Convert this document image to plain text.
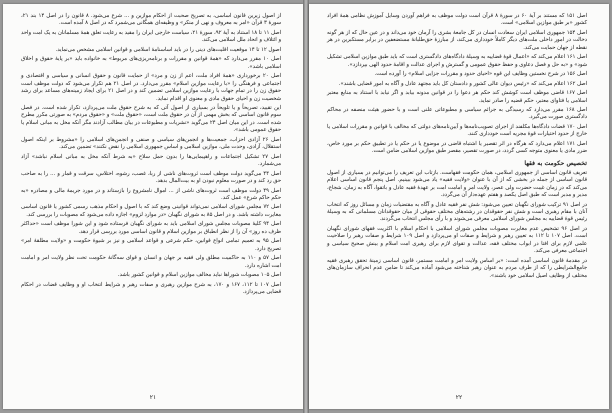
از اصول زیرین قانون اساسی، به تصریح صحبت از احکام موازین و ... شرع می‌شود. ۸ قانون را در اصل ۱۴ بند ۲۱، سورهٔ ۳ قرآن «امر به معروف و نهی از منکر» و وظیفه‌ای همگانی می‌شمرد که در اصل ۸ آمده است.

اصل ۱۱ تا ۱۸ استناد به آیهٔ ۹۲، سورهٔ ۲۱، سیاست خارجی ایران را مقید به رعایت تعلق همهٔ مسلمانان به یک امت واحد و ائتلاف و اتحاد ملل اسلامی می‌کند.

اصول ۱۲ تا ۱۴ موقعیت اقلیت‌های دینی را در باید اساسنامهٔ اسلامی و قوانین اسلامی مشخص می‌نماید.

اصل ۱۰ مقرر می‌دارد که «همهٔ قوانین و مقررات و برنامه‌ریزی‌های مربوط» به خانواده باید «بر پایهٔ حقوق و اخلاق اسلامی باشد».

اصل ۲۰ برخورداری «همهٔ افراد ملت، اعم از زن و مرد» از حمایت قانون و حقوق انسانی و سیاسی و اقتصادی و اجتماعی و فرهنگی را «با رعایت موازین اسلام» مقرر می‌دارد. در اصل ۲۱ هم تکرار می‌شود که دولت موظف است حقوق زن را در تمام جهات با رعایت موازین اسلامی تضمین کند و در اصل ۲۱ برای ایجاد زمینه‌های مساعد برای رشد شخصیت زن و احیای حقوق مادی و معنوی او اقدام نماید.

این تقیید، تصریحاً و یا تلویحاً در بسیاری از اصول آتی که به شرح حقوق ملت می‌پردازد، تکرار شده است. در فصل سوم قانون اساسی که بخش مهمی از آن در حقوق ملت است، «حقوق ملت» و «حقوق مردم» به صورتی مکرر مطرح شده است. در این میان اصل ۲۴ می‌گوید «نشریات و مطبوعات در بیان مطالب آزادند مگر آنکه مخل به مبانی اسلام یا حقوق عمومی باشد».

اصل ۲۶ آزادی احزاب، جمعیت‌ها و انجمن‌های سیاسی و صنفی و انجمن‌های اسلامی را «مشروط بر اینکه اصول استقلال، آزادی، وحدت ملی، موازین اسلامی و اساس جمهوری اسلامی را نقض نکنند» تضمین می‌کند.

اصل ۲۷ تشکیل اجتماعات و راهپیمایی‌ها را بدون حمل سلاح «به شرط آنکه مخل به مبانی اسلام نباشد» آزاد می‌شمارد.

اصل ۴۴ می‌گوید دولت موظف است ثروت‌های ناشی از ربا، غصب، رشوه، اختلاس، سرقت و قمار و ... را به صاحب حق رد کند و در صورت معلوم نبودن او به بیت‌المال بدهد.

اصل ۴۹ دولت موظف است ثروت‌های ناشی از ... اموال نامشروع را بازستاند و در مورد جریمهٔ مالی و مصادره «به حکم حاکم شرع» عمل کند.

اصل ۷۲ مجلس شورای اسلامی نمی‌تواند قوانینی وضع کند که با اصول و احکام مذهب رسمی کشور یا قانون اساسی مغایرت داشته باشد. و در اصل ۸۵ به شورای نگهبان «در موارد لزوم» اجازه داده می‌شود که مصوبات را بررسی کند.

اصل ۹۴ کلیهٔ مصوبات مجلس شورای اسلامی باید به شورای نگهبان فرستاده شود و این شورا موظف است «حداکثر ظرف ده روز» آن را از نظر انطباق بر موازین اسلام و قانون اساسی مورد بررسی قرار دهد.

اصل ۹۵ به تعمیم تمامی انواع قوانین، حکم شرعی و قواعد اسلامی و نیز بر شیوهٔ حکومت و «ولایت مطلقهٔ امر» تصریح دارد.

اصل ۵۷ و ۱۱۰ به حاکمیت مطلق ولی فقیه بر جهان و انسان و قوای سه‌گانهٔ حکومت تحت نظر ولایت امر و امامت امت اشاره دارد.

اصل ۱۰۵ مصوبات شوراها نباید مخالف موازین اسلام و قوانین کشور باشد.

اصل ۱۰۷ تا ۱۱۲، ۱۶۷ و ۱۷۰، به شرح موازین رهبری و صفات رهبر و شرایط انتخاب او و وظایف قضات در احکام قضایی می‌پردازد.

۲۱

اصل ۱۵۱ که مستند بر آیهٔ ۶۰ در سورهٔ ۸ قرآن است دولت موظف به فراهم آوردن وسایل آموزش نظامی همهٔ افراد کشور «بر طبق موازین اسلامی» است.

اصل ۱۵۴ جمهوری اسلامی ایران سعادت انسان در کل جامعهٔ بشری را آرمان خود می‌داند و در عین حال که از هر گونه دخالت در امور داخلی ملت‌های دیگر کاملاً خودداری می‌کند، از مبارزهٔ حق‌طلبانهٔ مستضعفین در برابر مستکبرین در هر نقطه از جهان حمایت می‌کند.

اصل ۱۶۱ اعلام می‌کند که «اعمال قوهٔ قضاییه به وسیلهٔ دادگاه‌های دادگستری است که باید طبق موازین اسلامی تشکیل شود» و «به حل و فصل دعاوی و حفظ حقوق عمومی و گسترش و اجرای عدالت و اقامهٔ حدود الهی بپردازد».

اصل ۱۵۶ در شرح نخستین وظایف این قوه «احیای حدود و مقررات جزایی اسلام» را آورده است.

اصل ۱۶۲ اعلام می‌کند که «رئیس دیوان عالی کشور و دادستان کل باید مجتهد عادل و آگاه به امور قضایی باشند».

اصل ۱۶۷ قاضی موظف است کوشش کند حکم هر دعوا را در قوانین مدونه بیابد و اگر نیابد با استناد به منابع معتبر اسلامی یا فتاوای معتبر، حکم قضیه را صادر نماید.

اصل ۱۶۸ مقرر می‌دارد که رسیدگی به جرائم سیاسی و مطبوعاتی علنی است و با حضور هیئت منصفه در محاکم دادگستری صورت می‌گیرد.

اصل ۱۷۰ قضات دادگاه‌ها مکلفند از اجرای تصویب‌نامه‌ها و آیین‌نامه‌های دولتی که مخالف با قوانین و مقررات اسلامی یا خارج از حدود اختیارات قوهٔ مجریه است خودداری کنند.

اصل ۱۷۱ اعلام می‌دارد که هرگاه در اثر تقصیر یا اشتباه قاضی در موضوع یا در حکم یا در تطبیق حکم بر مورد خاص، ضرر مادی یا معنوی متوجه کسی گردد، در صورت تقصیر، مقصر طبق موازین اسلامی ضامن است.

تخصیص حکومت به فقها

تعریف قانون اساسی از جمهوری اسلامی، همان حکومت فقهاست. بازتاب این تعریف را می‌توانیم در بسیاری از اصول قانون اساسی از جمله در بخشی که از آن با عنوان «ولایت فقیه» یاد می‌شود ببینیم. اصل پنجم قانون اساسی اعلام می‌کند که در زمان غیبت حضرت ولی عصر، ولایت امر و امامت امت بر عهدهٔ فقیه عادل و باتقوا، آگاه به زمان، شجاع، مدیر و مدبر است که طبق اصل یکصد و هفتم عهده‌دار آن می‌گردد.

در اصل ۹۱ ترکیب شورای نگهبان تعیین می‌شود: شش نفر فقیه عادل و آگاه به مقتضیات زمان و مسائل روز که انتخاب آنان با مقام رهبری است و شش نفر حقوقدان در رشته‌های مختلف حقوقی از میان حقوقدانان مسلمانی که به وسیلهٔ رئیس قوهٔ قضاییه به مجلس شورای اسلامی معرفی می‌شوند و با رأی مجلس انتخاب می‌گردند.

در اصل ۹۶ تشخیص عدم مغایرت مصوبات مجلس شورای اسلامی با احکام اسلام با اکثریت فقهای شورای نگهبان است. اصل ۱۰۷ تا ۱۱۲ به تعیین رهبر و شرایط و صفات او می‌پردازد و اصل ۱۰۹ شرایط و صفات رهبر را صلاحیت علمی لازم برای افتا در ابواب مختلف فقه، عدالت و تقوای لازم برای رهبری امت اسلام و بینش صحیح سیاسی و اجتماعی معرفی می‌کند.

در مقدمهٔ قانون اساسی آمده است: «بر اساس ولایت امر و امامت مستمر، قانون اساسی زمینهٔ تحقق رهبری فقیه جامع‌الشرایطی را که از طرف مردم به عنوان رهبر شناخته می‌شود آماده می‌کند تا ضامن عدم انحراف سازمان‌های مختلف از وظایف اصیل اسلامی خود باشند».

۲۲
